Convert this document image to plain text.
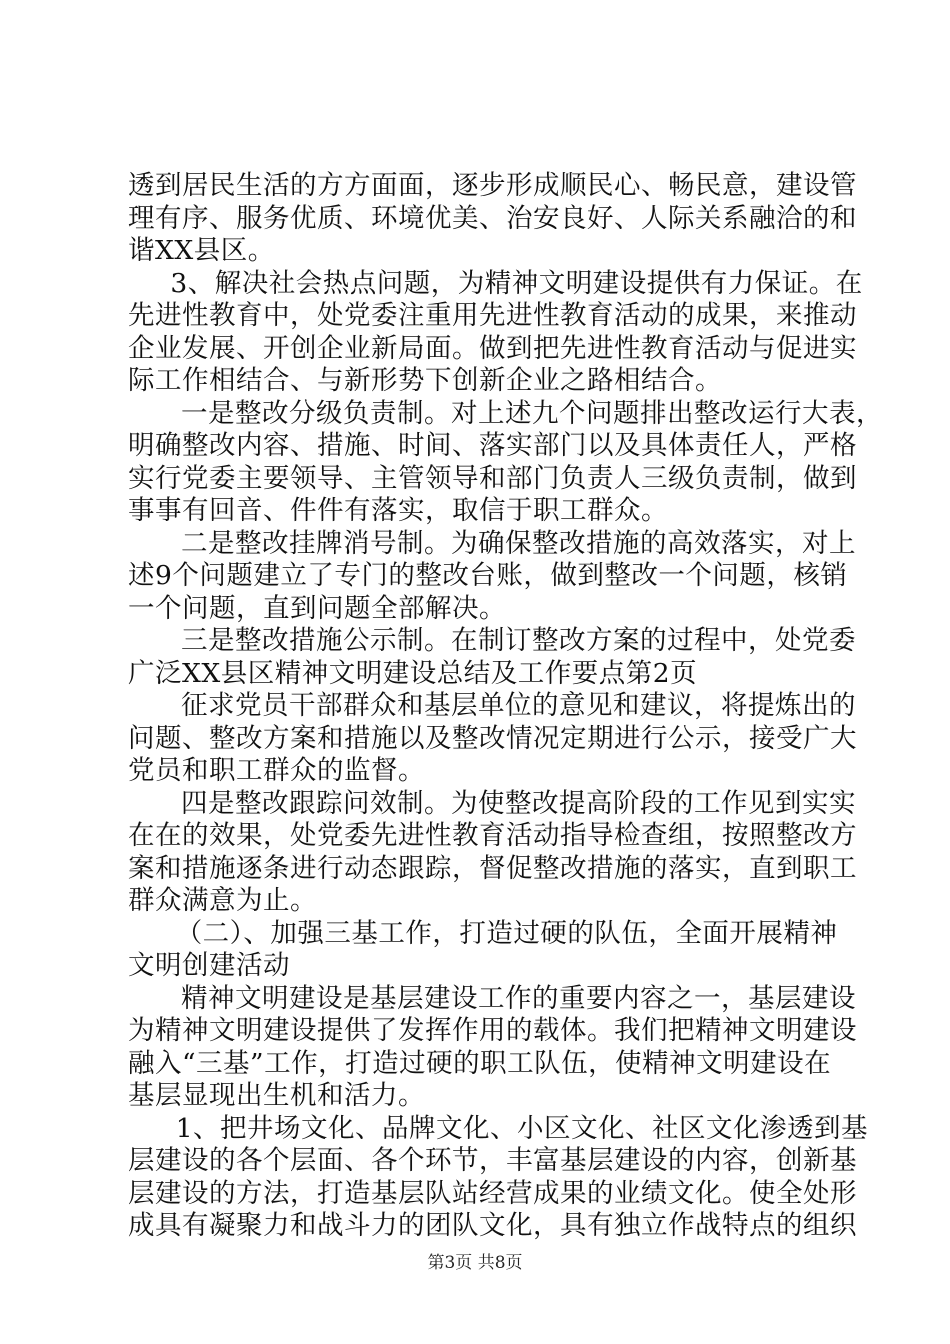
透到居民生活的方方面面，逐步形成顺民心、畅民意，建设管
理有序、服务优质、环境优美、治安良好、人际关系融洽的和
谐XX县区。
3、解决社会热点问题，为精神文明建设提供有力保证。在
先进性教育中，处党委注重用先进性教育活动的成果，来推动
企业发展、开创企业新局面。做到把先进性教育活动与促进实
际工作相结合、与新形势下创新企业之路相结合。
一是整改分级负责制。对上述九个问题排出整改运行大表，
明确整改内容、措施、时间、落实部门以及具体责任人，严格
实行党委主要领导、主管领导和部门负责人三级负责制，做到
事事有回音、件件有落实，取信于职工群众。
二是整改挂牌消号制。为确保整改措施的高效落实，对上
述9个问题建立了专门的整改台账，做到整改一个问题，核销
一个问题，直到问题全部解决。
三是整改措施公示制。在制订整改方案的过程中，处党委
广泛XX县区精神文明建设总结及工作要点第2页
征求党员干部群众和基层单位的意见和建议，将提炼出的
问题、整改方案和措施以及整改情况定期进行公示，接受广大
党员和职工群众的监督。
四是整改跟踪问效制。为使整改提高阶段的工作见到实实
在在的效果，处党委先进性教育活动指导检查组，按照整改方
案和措施逐条进行动态跟踪，督促整改措施的落实，直到职工
群众满意为止。
（二）、加强三基工作，打造过硬的队伍，全面开展精神
文明创建活动
精神文明建设是基层建设工作的重要内容之一，基层建设
为精神文明建设提供了发挥作用的载体。我们把精神文明建设
融入“三基”工作，打造过硬的职工队伍，使精神文明建设在
基层显现出生机和活力。
1、把井场文化、品牌文化、小区文化、社区文化渗透到基
层建设的各个层面、各个环节，丰富基层建设的内容，创新基
层建设的方法，打造基层队站经营成果的业绩文化。使全处形
成具有凝聚力和战斗力的团队文化，具有独立作战特点的组织
第3页 共8页
